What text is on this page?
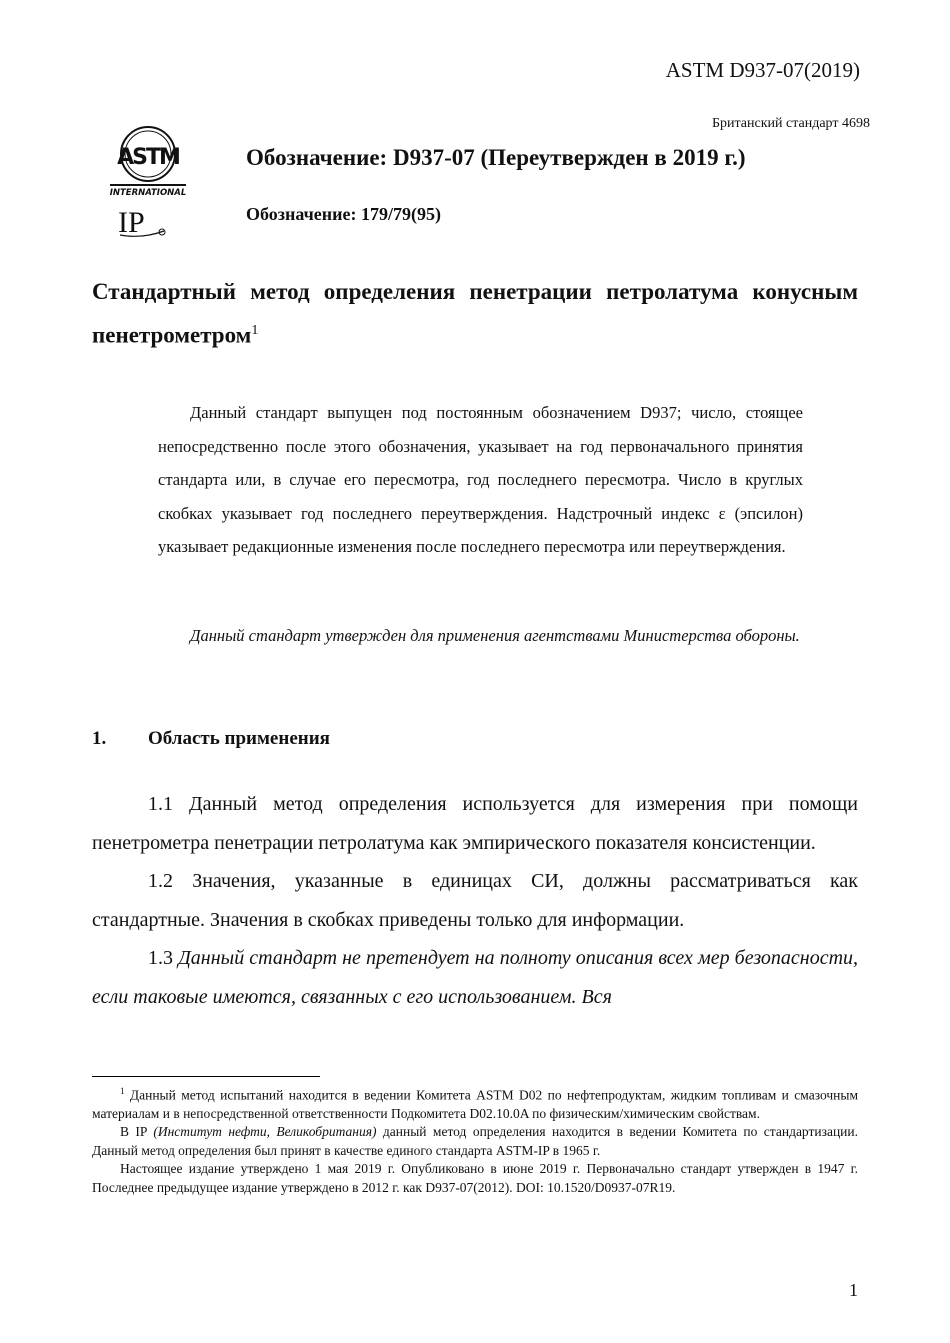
ASTM D937-07(2019)
Британский стандарт 4698
ASTM
INTERNATIONAL
IP
Обозначение: D937-07 (Переутвержден в 2019 г.)
Обозначение: 179/79(95)
Стандартный метод определения пенетрации петролатума конусным пенетрометром$^1$
Данный стандарт выпущен под постоянным обозначением D937; число, стоящее непосредственно после этого обозначения, указывает на год первоначального принятия стандарта или, в случае его пересмотра, год последнего пересмотра. Число в круглых скобках указывает год последнего переутверждения. Надстрочный индекс ε (эпсилон) указывает редакционные изменения после последнего пересмотра или переутверждения.
Данный стандарт утвержден для применения агентствами Министерства обороны.
1. Область применения

1.1 Данный метод определения используется для измерения при помощи пенетрометра пенетрации петролатума как эмпирического показателя консистенции.

1.2 Значения, указанные в единицах СИ, должны рассматриваться как стандартные. Значения в скобках приведены только для информации.

1.3 Данный стандарт не претендует на полноту описания всех мер безопасности, если таковые имеются, связанных с его использованием. Вся

$^1$ Данный метод испытаний находится в ведении Комитета ASTM D02 по нефтепродуктам, жидким топливам и смазочным материалам и в непосредственной ответственности Подкомитета D02.10.0A по физическим/химическим свойствам.

В IP (Институт нефти, Великобритания) данный метод определения находится в ведении Комитета по стандартизации. Данный метод определения был принят в качестве единого стандарта ASTM-IP в 1965 г.

Настоящее издание утверждено 1 мая 2019 г. Опубликовано в июне 2019 г. Первоначально стандарт утвержден в 1947 г. Последнее предыдущее издание утверждено в 2012 г. как D937-07(2012). DOI: 10.1520/D0937-07R19.

1
